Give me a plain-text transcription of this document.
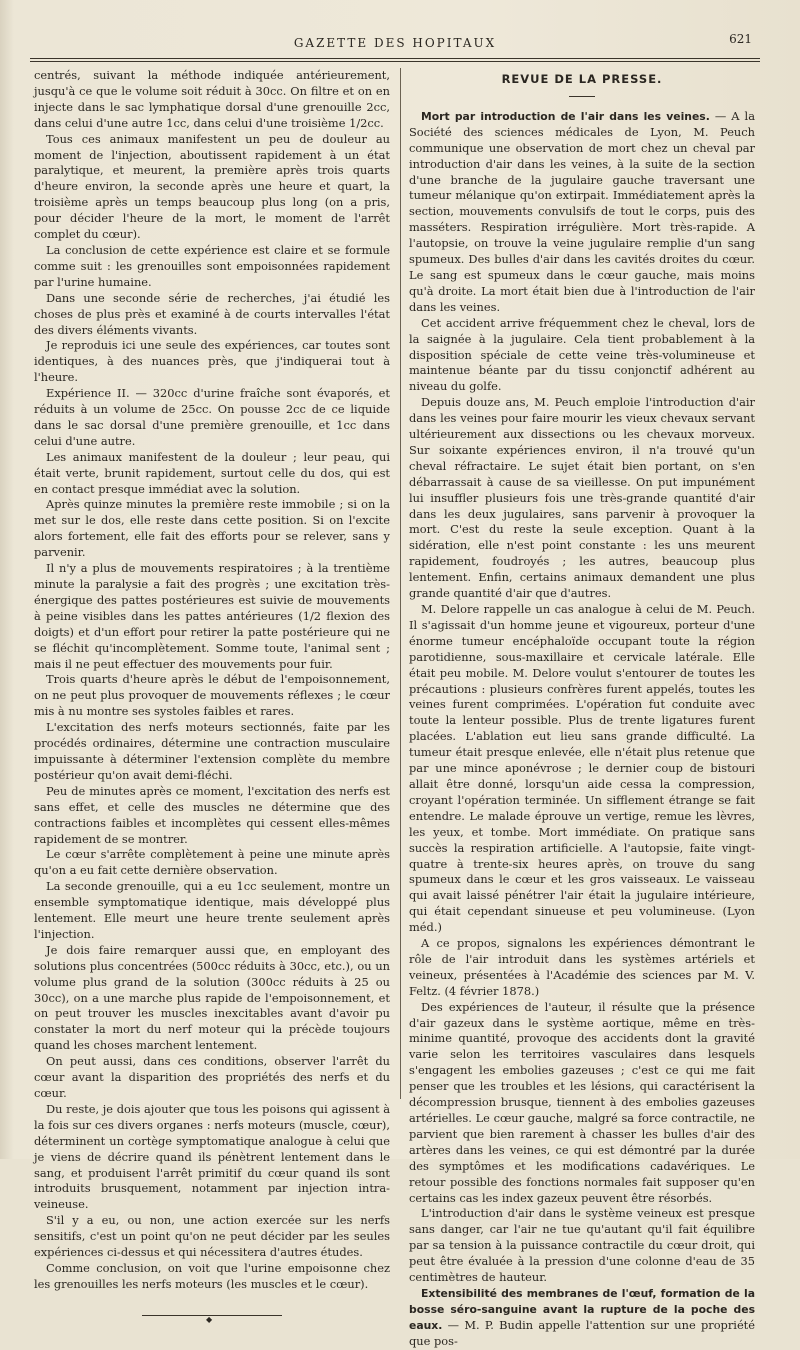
GAZETTE DES HOPITAUX	621

centrés, suivant la méthode indiquée antérieurement, jusqu'à ce que le volume soit réduit à 30cc. On filtre et on en injecte dans le sac lymphatique dorsal d'une grenouille 2cc, dans celui d'une autre 1cc, dans celui d'une troisième 1/2cc.

Tous ces animaux manifestent un peu de douleur au moment de l'injection, aboutissent rapidement à un état paralytique, et meurent, la première après trois quarts d'heure environ, la seconde après une heure et quart, la troisième après un temps beaucoup plus long (on a pris, pour décider l'heure de la mort, le moment de l'arrêt complet du cœur).

La conclusion de cette expérience est claire et se formule comme suit : les grenouilles sont empoisonnées rapidement par l'urine humaine.

Dans une seconde série de recherches, j'ai étudié les choses de plus près et examiné à de courts intervalles l'état des divers éléments vivants.

Je reproduis ici une seule des expériences, car toutes sont identiques, à des nuances près, que j'indiquerai tout à l'heure.

Expérience II. — 320cc d'urine fraîche sont évaporés, et réduits à un volume de 25cc. On pousse 2cc de ce liquide dans le sac dorsal d'une première grenouille, et 1cc dans celui d'une autre.

Les animaux manifestent de la douleur ; leur peau, qui était verte, brunit rapidement, surtout celle du dos, qui est en contact presque immédiat avec la solution.

Après quinze minutes la première reste immobile ; si on la met sur le dos, elle reste dans cette position. Si on l'excite alors fortement, elle fait des efforts pour se relever, sans y parvenir.

Il n'y a plus de mouvements respiratoires ; à la trentième minute la paralysie a fait des progrès ; une excitation très-énergique des pattes postérieures est suivie de mouvements à peine visibles dans les pattes antérieures (1/2 flexion des doigts) et d'un effort pour retirer la patte postérieure qui ne se fléchit qu'incomplètement. Somme toute, l'animal sent ; mais il ne peut effectuer des mouvements pour fuir.

Trois quarts d'heure après le début de l'empoisonnement, on ne peut plus provoquer de mouvements réflexes ; le cœur mis à nu montre ses systoles faibles et rares.

L'excitation des nerfs moteurs sectionnés, faite par les procédés ordinaires, détermine une contraction musculaire impuissante à déterminer l'extension complète du membre postérieur qu'on avait demi-fléchi.

Peu de minutes après ce moment, l'excitation des nerfs est sans effet, et celle des muscles ne détermine que des contractions faibles et incomplètes qui cessent elles-mêmes rapidement de se montrer.

Le cœur s'arrête complètement à peine une minute après qu'on a eu fait cette dernière observation.

La seconde grenouille, qui a eu 1cc seulement, montre un ensemble symptomatique identique, mais développé plus lentement. Elle meurt une heure trente seulement après l'injection.

Je dois faire remarquer aussi que, en employant des solutions plus concentrées (500cc réduits à 30cc, etc.), ou un volume plus grand de la solution (300cc réduits à 25 ou 30cc), on a une marche plus rapide de l'empoisonnement, et on peut trouver les muscles inexcitables avant d'avoir pu constater la mort du nerf moteur qui la précède toujours quand les choses marchent lentement.

On peut aussi, dans ces conditions, observer l'arrêt du cœur avant la disparition des propriétés des nerfs et du cœur.

Du reste, je dois ajouter que tous les poisons qui agissent à la fois sur ces divers organes : nerfs moteurs (muscle, cœur), déterminent un cortège symptomatique analogue à celui que je viens de décrire quand ils pénètrent lentement dans le sang, et produisent l'arrêt primitif du cœur quand ils sont introduits brusquement, notamment par injection intra-veineuse.

S'il y a eu, ou non, une action exercée sur les nerfs sensitifs, c'est un point qu'on ne peut décider par les seules expériences ci-dessus et qui nécessitera d'autres études.

Comme conclusion, on voit que l'urine empoisonne chez les grenouilles les nerfs moteurs (les muscles et le cœur).

◆
REVUE DE LA PRESSE.

Mort par introduction de l'air dans les veines. — A la Société des sciences médicales de Lyon, M. Peuch communique une observation de mort chez un cheval par introduction d'air dans les veines, à la suite de la section d'une branche de la jugulaire gauche traversant une tumeur mélanique qu'on extirpait. Immédiatement après la section, mouvements convulsifs de tout le corps, puis des masséters. Respiration irrégulière. Mort très-rapide. A l'autopsie, on trouve la veine jugulaire remplie d'un sang spumeux. Des bulles d'air dans les cavités droites du cœur. Le sang est spumeux dans le cœur gauche, mais moins qu'à droite. La mort était bien due à l'introduction de l'air dans les veines.

Cet accident arrive fréquemment chez le cheval, lors de la saignée à la jugulaire. Cela tient probablement à la disposition spéciale de cette veine très-volumineuse et maintenue béante par du tissu conjonctif adhérent au niveau du golfe.

Depuis douze ans, M. Peuch emploie l'introduction d'air dans les veines pour faire mourir les vieux chevaux servant ultérieurement aux dissections ou les chevaux morveux. Sur soixante expériences environ, il n'a trouvé qu'un cheval réfractaire. Le sujet était bien portant, on s'en débarrassait à cause de sa vieillesse. On put impunément lui insuffler plusieurs fois une très-grande quantité d'air dans les deux jugulaires, sans parvenir à provoquer la mort. C'est du reste la seule exception. Quant à la sidération, elle n'est point constante : les uns meurent rapidement, foudroyés ; les autres, beaucoup plus lentement. Enfin, certains animaux demandent une plus grande quantité d'air que d'autres.

M. Delore rappelle un cas analogue à celui de M. Peuch. Il s'agissait d'un homme jeune et vigoureux, porteur d'une énorme tumeur encéphaloïde occupant toute la région parotidienne, sous-maxillaire et cervicale latérale. Elle était peu mobile. M. Delore voulut s'entourer de toutes les précautions : plusieurs confrères furent appelés, toutes les veines furent comprimées. L'opération fut conduite avec toute la lenteur possible. Plus de trente ligatures furent placées. L'ablation eut lieu sans grande difficulté. La tumeur était presque enlevée, elle n'était plus retenue que par une mince aponévrose ; le dernier coup de bistouri allait être donné, lorsqu'un aide cessa la compression, croyant l'opération terminée. Un sifflement étrange se fait entendre. Le malade éprouve un vertige, remue les lèvres, les yeux, et tombe. Mort immédiate. On pratique sans succès la respiration artificielle. A l'autopsie, faite vingt-quatre à trente-six heures après, on trouve du sang spumeux dans le cœur et les gros vaisseaux. Le vaisseau qui avait laissé pénétrer l'air était la jugulaire intérieure, qui était cependant sinueuse et peu volumineuse. (Lyon méd.)

A ce propos, signalons les expériences démontrant le rôle de l'air introduit dans les systèmes artériels et veineux, présentées à l'Académie des sciences par M. V. Feltz. (4 février 1878.)

Des expériences de l'auteur, il résulte que la présence d'air gazeux dans le système aortique, même en très-minime quantité, provoque des accidents dont la gravité varie selon les territoires vasculaires dans lesquels s'engagent les embolies gazeuses ; c'est ce qui me fait penser que les troubles et les lésions, qui caractérisent la décompression brusque, tiennent à des embolies gazeuses artérielles. Le cœur gauche, malgré sa force contractile, ne parvient que bien rarement à chasser les bulles d'air des artères dans les veines, ce qui est démontré par la durée des symptômes et les modifications cadavériques. Le retour possible des fonctions normales fait supposer qu'en certains cas les index gazeux peuvent être résorbés.

L'introduction d'air dans le système veineux est presque sans danger, car l'air ne tue qu'autant qu'il fait équilibre par sa tension à la puissance contractile du cœur droit, qui peut être évaluée à la pression d'une colonne d'eau de 35 centimètres de hauteur.

Extensibilité des membranes de l'œuf, formation de la bosse séro-sanguine avant la rupture de la poche des eaux. — M. P. Budin appelle l'attention sur une propriété que pos-
